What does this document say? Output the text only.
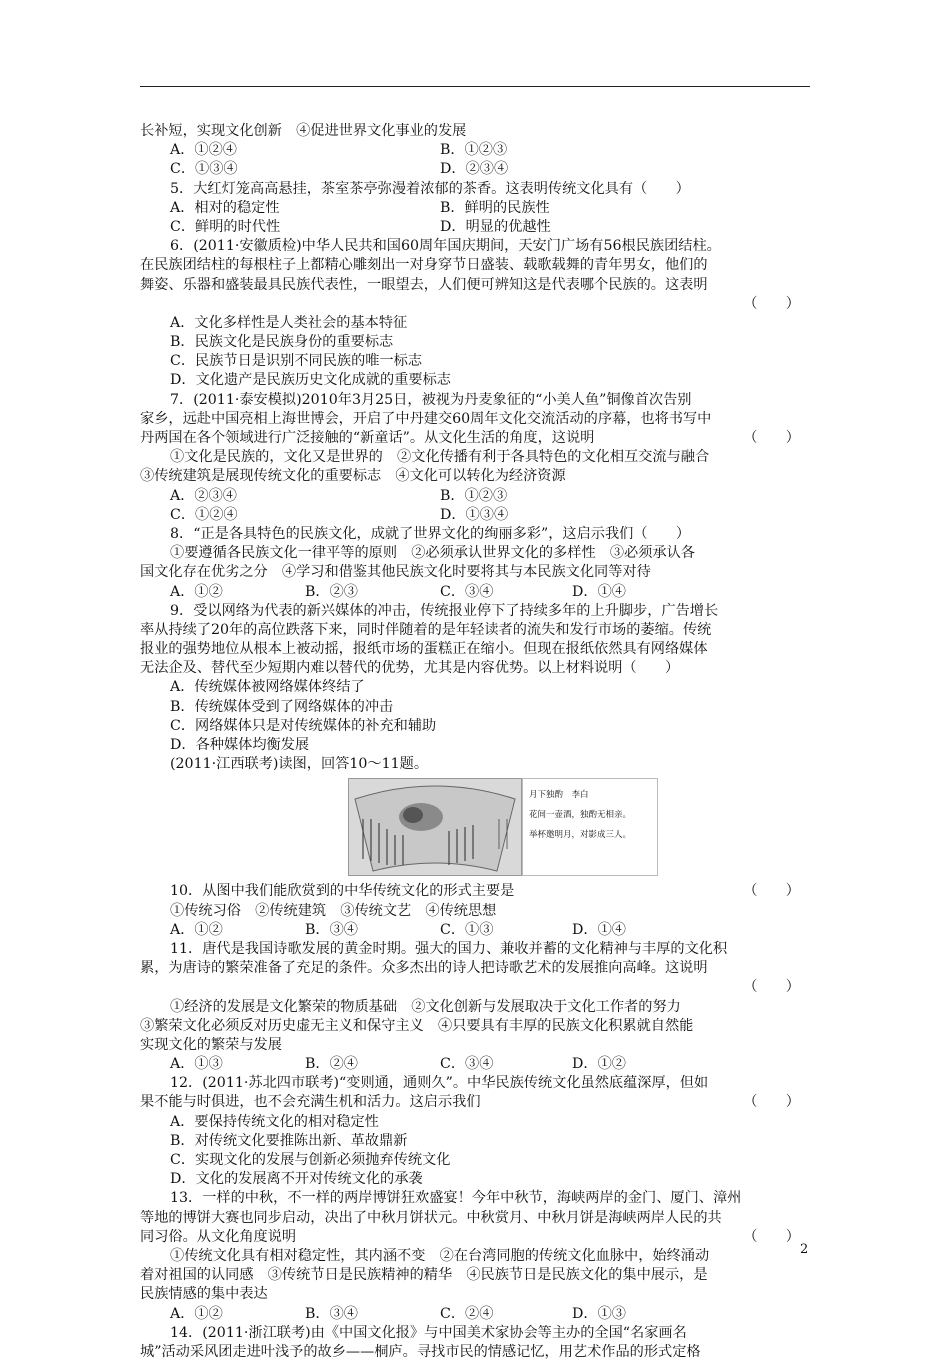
长补短，实现文化创新　④促进世界文化事业的发展
A．①②④	B．①②③
C．①③④	D．②③④
5．大红灯笼高高悬挂，茶室茶亭弥漫着浓郁的茶香。这表明传统文化具有（　　）
A．相对的稳定性	B．鲜明的民族性
C．鲜明的时代性	D．明显的优越性
6．(2011·安徽质检)中华人民共和国60周年国庆期间，天安门广场有56根民族团结柱。
在民族团结柱的每根柱子上都精心雕刻出一对身穿节日盛装、载歌载舞的青年男女，他们的
舞姿、乐器和盛装最具民族代表性，一眼望去，人们便可辨知这是代表哪个民族的。这表明
（　　）
A．文化多样性是人类社会的基本特征
B．民族文化是民族身份的重要标志
C．民族节日是识别不同民族的唯一标志
D．文化遗产是民族历史文化成就的重要标志
7．(2011·泰安模拟)2010年3月25日，被视为丹麦象征的“小美人鱼”铜像首次告别
家乡，远赴中国亮相上海世博会，开启了中丹建交60周年文化交流活动的序幕，也将书写中
丹两国在各个领域进行广泛接触的“新童话”。从文化生活的角度，这说明	（　　）
①文化是民族的，文化又是世界的　②文化传播有利于各具特色的文化相互交流与融合
③传统建筑是展现传统文化的重要标志　④文化可以转化为经济资源
A．②③④	B．①②③
C．①②④	D．①③④
8．“正是各具特色的民族文化，成就了世界文化的绚丽多彩”，这启示我们（　　）
①要遵循各民族文化一律平等的原则　②必须承认世界文化的多样性　③必须承认各
国文化存在优劣之分　④学习和借鉴其他民族文化时要将其与本民族文化同等对待
A．①②	B．②③	C．③④	D．①④
9．受以网络为代表的新兴媒体的冲击，传统报业停下了持续多年的上升脚步，广告增长
率从持续了20年的高位跌落下来，同时伴随着的是年轻读者的流失和发行市场的萎缩。传统
报业的强势地位从根本上被动摇，报纸市场的蛋糕正在缩小。但现在报纸依然具有网络媒体
无法企及、替代至少短期内难以替代的优势，尤其是内容优势。以上材料说明（　　）
A．传统媒体被网络媒体终结了
B．传统媒体受到了网络媒体的冲击
C．网络媒体只是对传统媒体的补充和辅助
D．各种媒体均衡发展
(2011·江西联考)读图，回答10～11题。
月下独酌　李白
花间一壶酒，独酌无相亲。
举杯邀明月，对影成三人。
10．从图中我们能欣赏到的中华传统文化的形式主要是	（　　）
①传统习俗　②传统建筑　③传统文艺　④传统思想
A．①②	B．③④	C．①③	D．①④
11．唐代是我国诗歌发展的黄金时期。强大的国力、兼收并蓄的文化精神与丰厚的文化积
累，为唐诗的繁荣准备了充足的条件。众多杰出的诗人把诗歌艺术的发展推向高峰。这说明
（　　）
①经济的发展是文化繁荣的物质基础　②文化创新与发展取决于文化工作者的努力
③繁荣文化必须反对历史虚无主义和保守主义　④只要具有丰厚的民族文化积累就自然能
实现文化的繁荣与发展
A．①③	B．②④	C．③④	D．①②
12．(2011·苏北四市联考)“变则通，通则久”。中华民族传统文化虽然底蕴深厚，但如
果不能与时俱进，也不会充满生机和活力。这启示我们	（　　）
A．要保持传统文化的相对稳定性
B．对传统文化要推陈出新、革故鼎新
C．实现文化的发展与创新必须抛弃传统文化
D．文化的发展离不开对传统文化的承袭
13．一样的中秋，不一样的两岸博饼狂欢盛宴！今年中秋节，海峡两岸的金门、厦门、漳州
等地的博饼大赛也同步启动，决出了中秋月饼状元。中秋赏月、中秋月饼是海峡两岸人民的共
同习俗。从文化角度说明	（　　）
①传统文化具有相对稳定性，其内涵不变　②在台湾同胞的传统文化血脉中，始终涌动
着对祖国的认同感　③传统节日是民族精神的精华　④民族节日是民族文化的集中展示，是
民族情感的集中表达
A．①②	B．③④	C．②④	D．①③
14．(2011·浙江联考)由《中国文化报》与中国美术家协会等主办的全国“名家画名
城”活动采风团走进叶浅予的故乡——桐庐。寻找市民的情感记忆，用艺术作品的形式定格
2
